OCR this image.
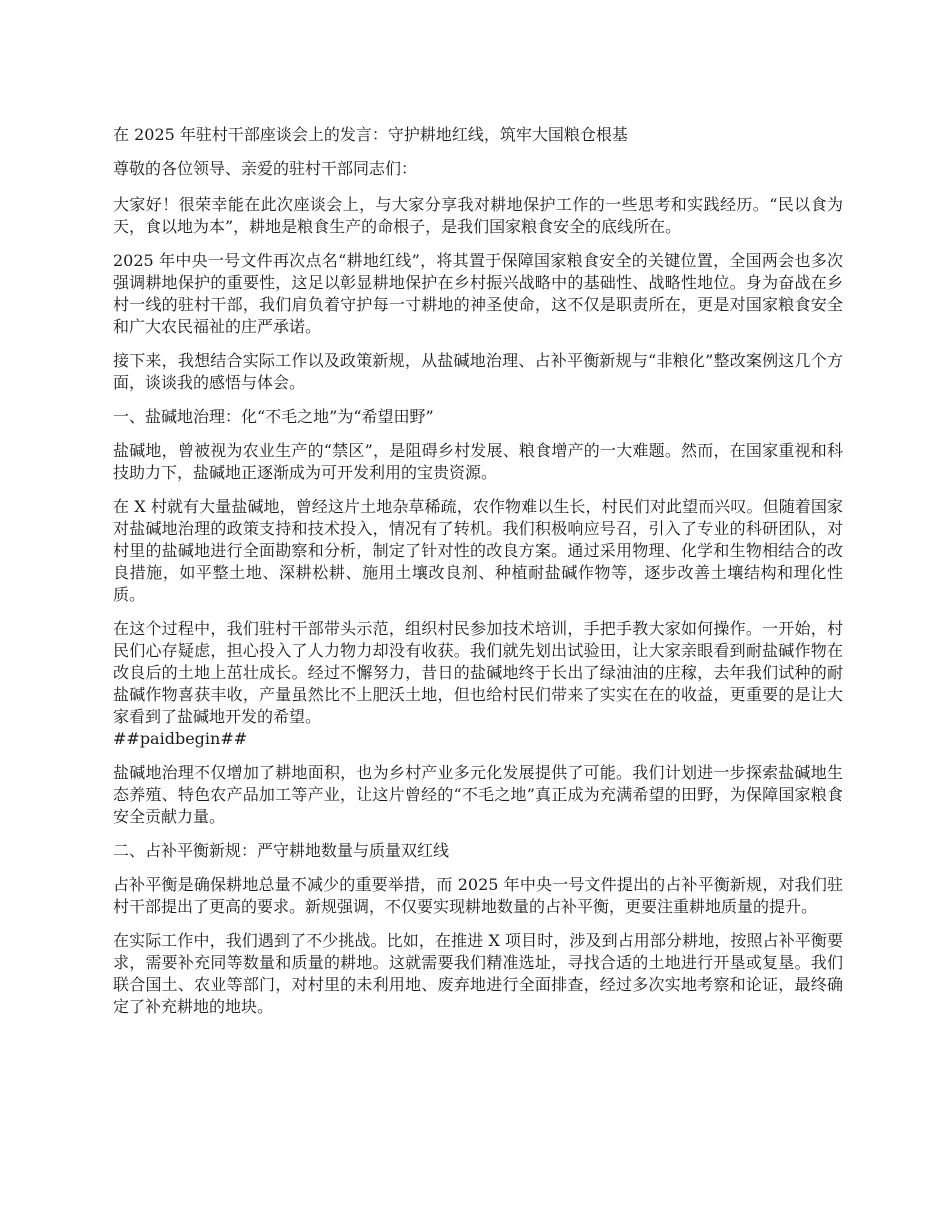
在 2025 年驻村干部座谈会上的发言：守护耕地红线，筑牢大国粮仓根基

尊敬的各位领导、亲爱的驻村干部同志们：

大家好！很荣幸能在此次座谈会上，与大家分享我对耕地保护工作的一些思考和实践经历。“民以食为天，食以地为本”，耕地是粮食生产的命根子，是我们国家粮食安全的底线所在。

2025 年中央一号文件再次点名“耕地红线”，将其置于保障国家粮食安全的关键位置，全国两会也多次强调耕地保护的重要性，这足以彰显耕地保护在乡村振兴战略中的基础性、战略性地位。身为奋战在乡村一线的驻村干部，我们肩负着守护每一寸耕地的神圣使命，这不仅是职责所在，更是对国家粮食安全和广大农民福祉的庄严承诺。

接下来，我想结合实际工作以及政策新规，从盐碱地治理、占补平衡新规与“非粮化”整改案例这几个方面，谈谈我的感悟与体会。

一、盐碱地治理：化“不毛之地”为“希望田野”

盐碱地，曾被视为农业生产的“禁区”，是阻碍乡村发展、粮食增产的一大难题。然而，在国家重视和科技助力下，盐碱地正逐渐成为可开发利用的宝贵资源。

在 X 村就有大量盐碱地，曾经这片土地杂草稀疏，农作物难以生长，村民们对此望而兴叹。但随着国家对盐碱地治理的政策支持和技术投入，情况有了转机。我们积极响应号召，引入了专业的科研团队，对村里的盐碱地进行全面勘察和分析，制定了针对性的改良方案。通过采用物理、化学和生物相结合的改良措施，如平整土地、深耕松耕、施用土壤改良剂、种植耐盐碱作物等，逐步改善土壤结构和理化性质。

在这个过程中，我们驻村干部带头示范，组织村民参加技术培训，手把手教大家如何操作。一开始，村民们心存疑虑，担心投入了人力物力却没有收获。我们就先划出试验田，让大家亲眼看到耐盐碱作物在改良后的土地上茁壮成长。经过不懈努力，昔日的盐碱地终于长出了绿油油的庄稼，去年我们试种的耐盐碱作物喜获丰收，产量虽然比不上肥沃土地，但也给村民们带来了实实在在的收益，更重要的是让大家看到了盐碱地开发的希望。
##paidbegin##

盐碱地治理不仅增加了耕地面积，也为乡村产业多元化发展提供了可能。我们计划进一步探索盐碱地生态养殖、特色农产品加工等产业，让这片曾经的“不毛之地”真正成为充满希望的田野，为保障国家粮食安全贡献力量。

二、占补平衡新规：严守耕地数量与质量双红线

占补平衡是确保耕地总量不减少的重要举措，而 2025 年中央一号文件提出的占补平衡新规，对我们驻村干部提出了更高的要求。新规强调，不仅要实现耕地数量的占补平衡，更要注重耕地质量的提升。

在实际工作中，我们遇到了不少挑战。比如，在推进 X 项目时，涉及到占用部分耕地，按照占补平衡要求，需要补充同等数量和质量的耕地。这就需要我们精准选址，寻找合适的土地进行开垦或复垦。我们联合国土、农业等部门，对村里的未利用地、废弃地进行全面排查，经过多次实地考察和论证，最终确定了补充耕地的地块。
